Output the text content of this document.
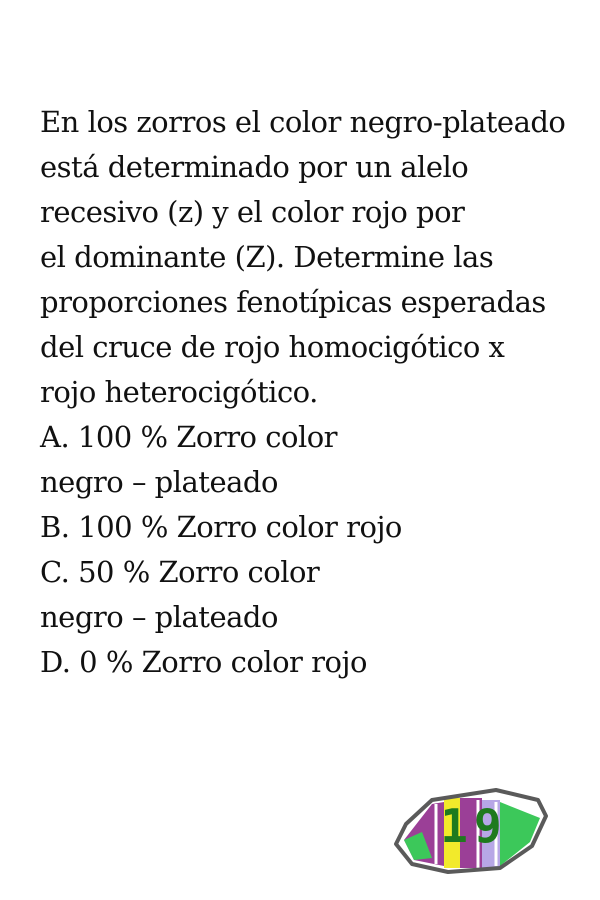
En los zorros el color negro-plateado
está determinado por un alelo
recesivo (z) y el color rojo por
el dominante (Z). Determine las
proporciones fenotípicas esperadas
del cruce de rojo homocigótico x
rojo heterocigótico.
A. 100 % Zorro color
negro – plateado
B. 100 % Zorro color rojo
C. 50 % Zorro color
negro – plateado
D. 0 % Zorro color rojo
19
